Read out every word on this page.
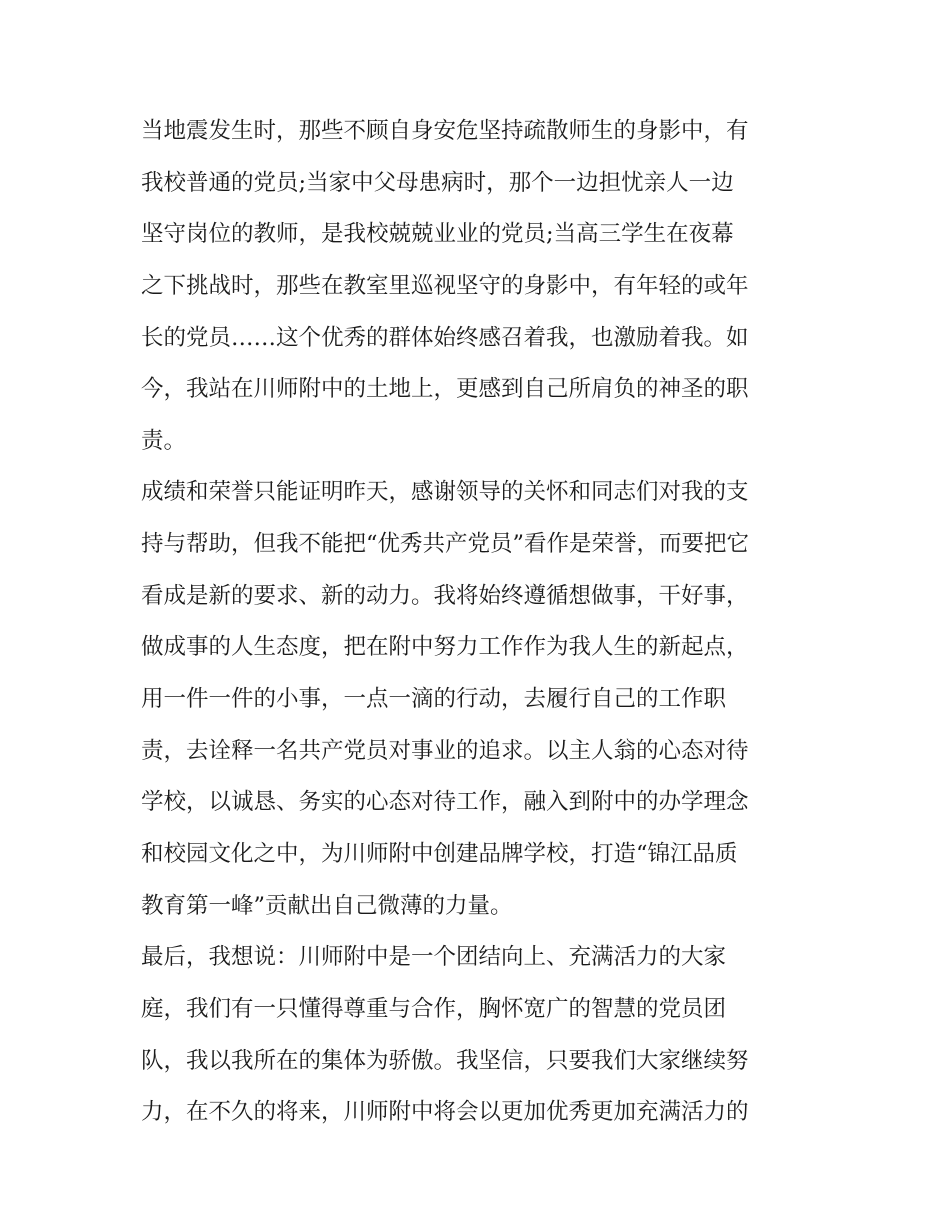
当地震发生时，那些不顾自身安危坚持疏散师生的身影中，有
我校普通的党员;当家中父母患病时，那个一边担忧亲人一边
坚守岗位的教师，是我校兢兢业业的党员;当高三学生在夜幕
之下挑战时，那些在教室里巡视坚守的身影中，有年轻的或年
长的党员……这个优秀的群体始终感召着我，也激励着我。如
今，我站在川师附中的土地上，更感到自己所肩负的神圣的职
责。
成绩和荣誉只能证明昨天，感谢领导的关怀和同志们对我的支
持与帮助，但我不能把“优秀共产党员”看作是荣誉，而要把它
看成是新的要求、新的动力。我将始终遵循想做事，干好事，
做成事的人生态度，把在附中努力工作作为我人生的新起点，
用一件一件的小事，一点一滴的行动，去履行自己的工作职
责，去诠释一名共产党员对事业的追求。以主人翁的心态对待
学校，以诚恳、务实的心态对待工作，融入到附中的办学理念
和校园文化之中，为川师附中创建品牌学校，打造“锦江品质
教育第一峰”贡献出自己微薄的力量。
最后，我想说：川师附中是一个团结向上、充满活力的大家
庭，我们有一只懂得尊重与合作，胸怀宽广的智慧的党员团
队，我以我所在的集体为骄傲。我坚信，只要我们大家继续努
力，在不久的将来，川师附中将会以更加优秀更加充满活力的
